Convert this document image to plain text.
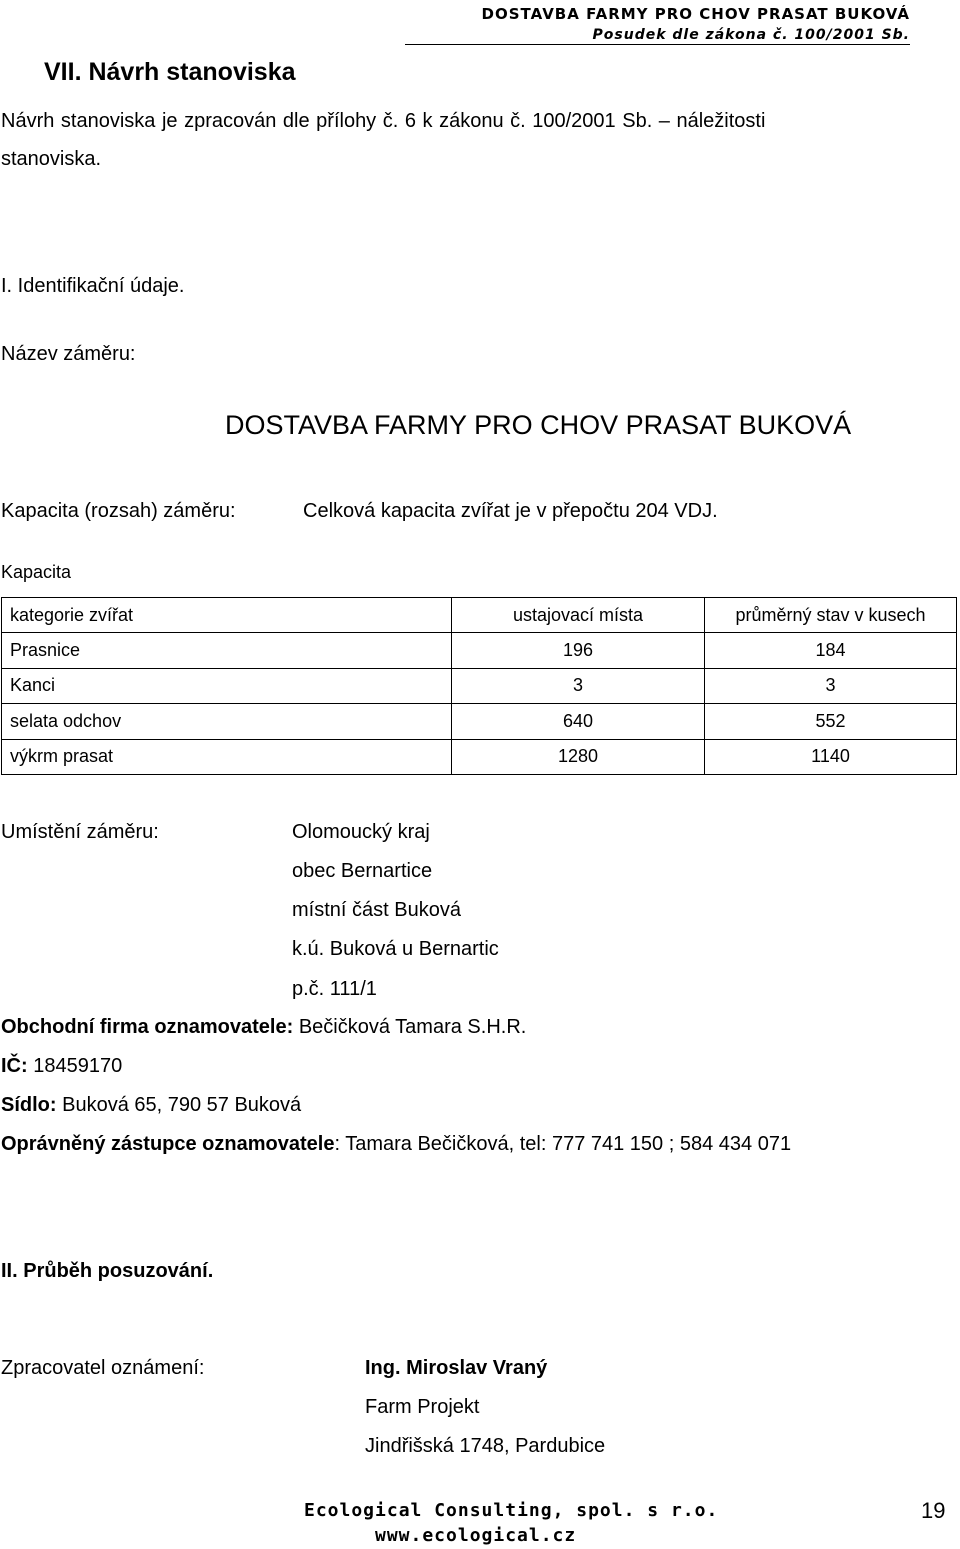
DOSTAVBA FARMY PRO CHOV PRASAT BUKOVÁ
Posudek dle zákona č. 100/2001 Sb.
VII. Návrh stanoviska
Návrh stanoviska je zpracován dle přílohy č. 6 k zákonu č. 100/2001 Sb. – náležitosti
stanoviska.
I. Identifikační údaje.
Název záměru:
DOSTAVBA FARMY PRO CHOV PRASAT BUKOVÁ
Kapacita (rozsah) záměru:	Celková kapacita zvířat je v přepočtu 204 VDJ.
Kapacita
kategorie zvířat	ustajovací místa	průměrný stav v kusech
Prasnice	196	184
Kanci	3	3
selata odchov	640	552
výkrm prasat	1280	1140
Umístění záměru:	Olomoucký kraj
obec Bernartice
místní část Buková
k.ú. Buková u Bernartic
p.č. 111/1
Obchodní firma oznamovatele: Bečičková Tamara S.H.R.
IČ: 18459170
Sídlo: Buková 65, 790 57 Buková
Oprávněný zástupce oznamovatele: Tamara Bečičková, tel: 777 741 150 ; 584 434 071
II. Průběh posuzování.
Zpracovatel oznámení:	Ing. Miroslav Vraný
Farm Projekt
Jindřišská 1748, Pardubice
Ecological Consulting, spol. s r.o.
www.ecological.cz
19
